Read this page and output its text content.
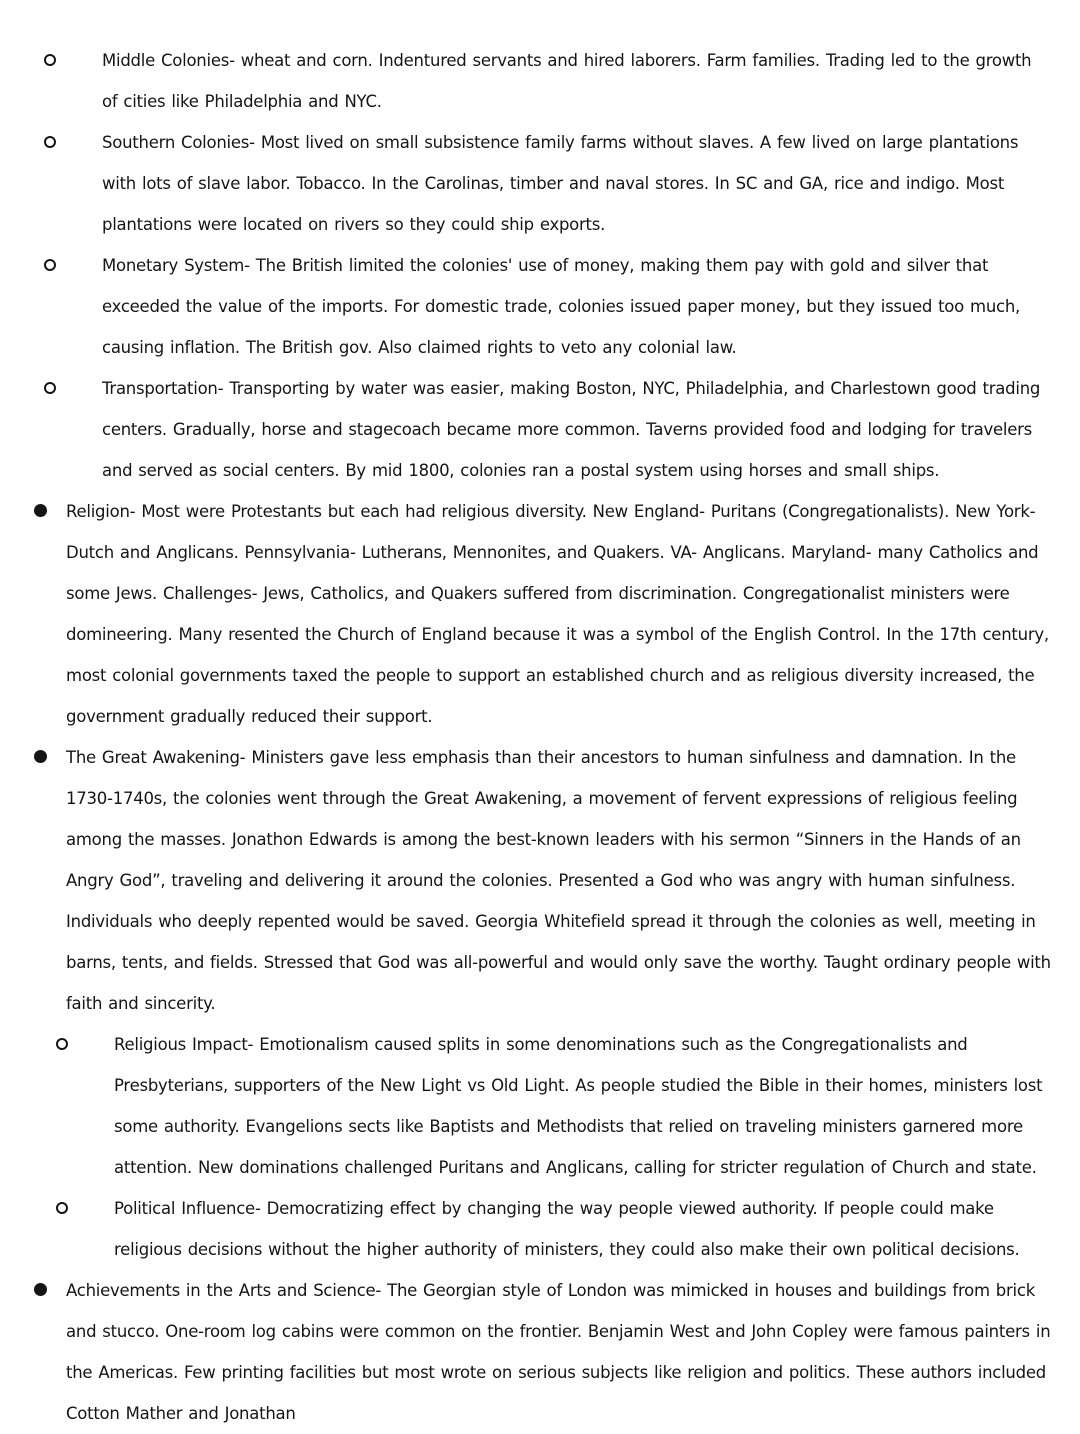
Middle Colonies- wheat and corn. Indentured servants and hired laborers. Farm families. Trading led to the growth of cities like Philadelphia and NYC.
Southern Colonies- Most lived on small subsistence family farms without slaves. A few lived on large plantations with lots of slave labor. Tobacco. In the Carolinas, timber and naval stores. In SC and GA, rice and indigo. Most plantations were located on rivers so they could ship exports.
Monetary System- The British limited the colonies' use of money, making them pay with gold and silver that exceeded the value of the imports. For domestic trade, colonies issued paper money, but they issued too much, causing inflation. The British gov. Also claimed rights to veto any colonial law.
Transportation- Transporting by water was easier, making Boston, NYC, Philadelphia, and Charlestown good trading centers. Gradually, horse and stagecoach became more common. Taverns provided food and lodging for travelers and served as social centers. By mid 1800, colonies ran a postal system using horses and small ships.
Religion- Most were Protestants but each had religious diversity. New England- Puritans (Congregationalists). New York- Dutch and Anglicans. Pennsylvania- Lutherans, Mennonites, and Quakers. VA- Anglicans. Maryland- many Catholics and some Jews. Challenges- Jews, Catholics, and Quakers suffered from discrimination. Congregationalist ministers were domineering. Many resented the Church of England because it was a symbol of the English Control. In the 17th century, most colonial governments taxed the people to support an established church and as religious diversity increased, the government gradually reduced their support.
The Great Awakening- Ministers gave less emphasis than their ancestors to human sinfulness and damnation. In the 1730-1740s, the colonies went through the Great Awakening, a movement of fervent expressions of religious feeling among the masses. Jonathon Edwards is among the best-known leaders with his sermon “Sinners in the Hands of an Angry God”, traveling and delivering it around the colonies. Presented a God who was angry with human sinfulness. Individuals who deeply repented would be saved. Georgia Whitefield spread it through the colonies as well, meeting in barns, tents, and fields. Stressed that God was all-powerful and would only save the worthy. Taught ordinary people with faith and sincerity.
Religious Impact- Emotionalism caused splits in some denominations such as the Congregationalists and Presbyterians, supporters of the New Light vs Old Light. As people studied the Bible in their homes, ministers lost some authority. Evangelions sects like Baptists and Methodists that relied on traveling ministers garnered more attention. New dominations challenged Puritans and Anglicans, calling for stricter regulation of Church and state.
Political Influence- Democratizing effect by changing the way people viewed authority. If people could make religious decisions without the higher authority of ministers, they could also make their own political decisions.
Achievements in the Arts and Science- The Georgian style of London was mimicked in houses and buildings from brick and stucco. One-room log cabins were common on the frontier. Benjamin West and John Copley were famous painters in the Americas. Few printing facilities but most wrote on serious subjects like religion and politics. These authors included Cotton Mather and Jonathan
